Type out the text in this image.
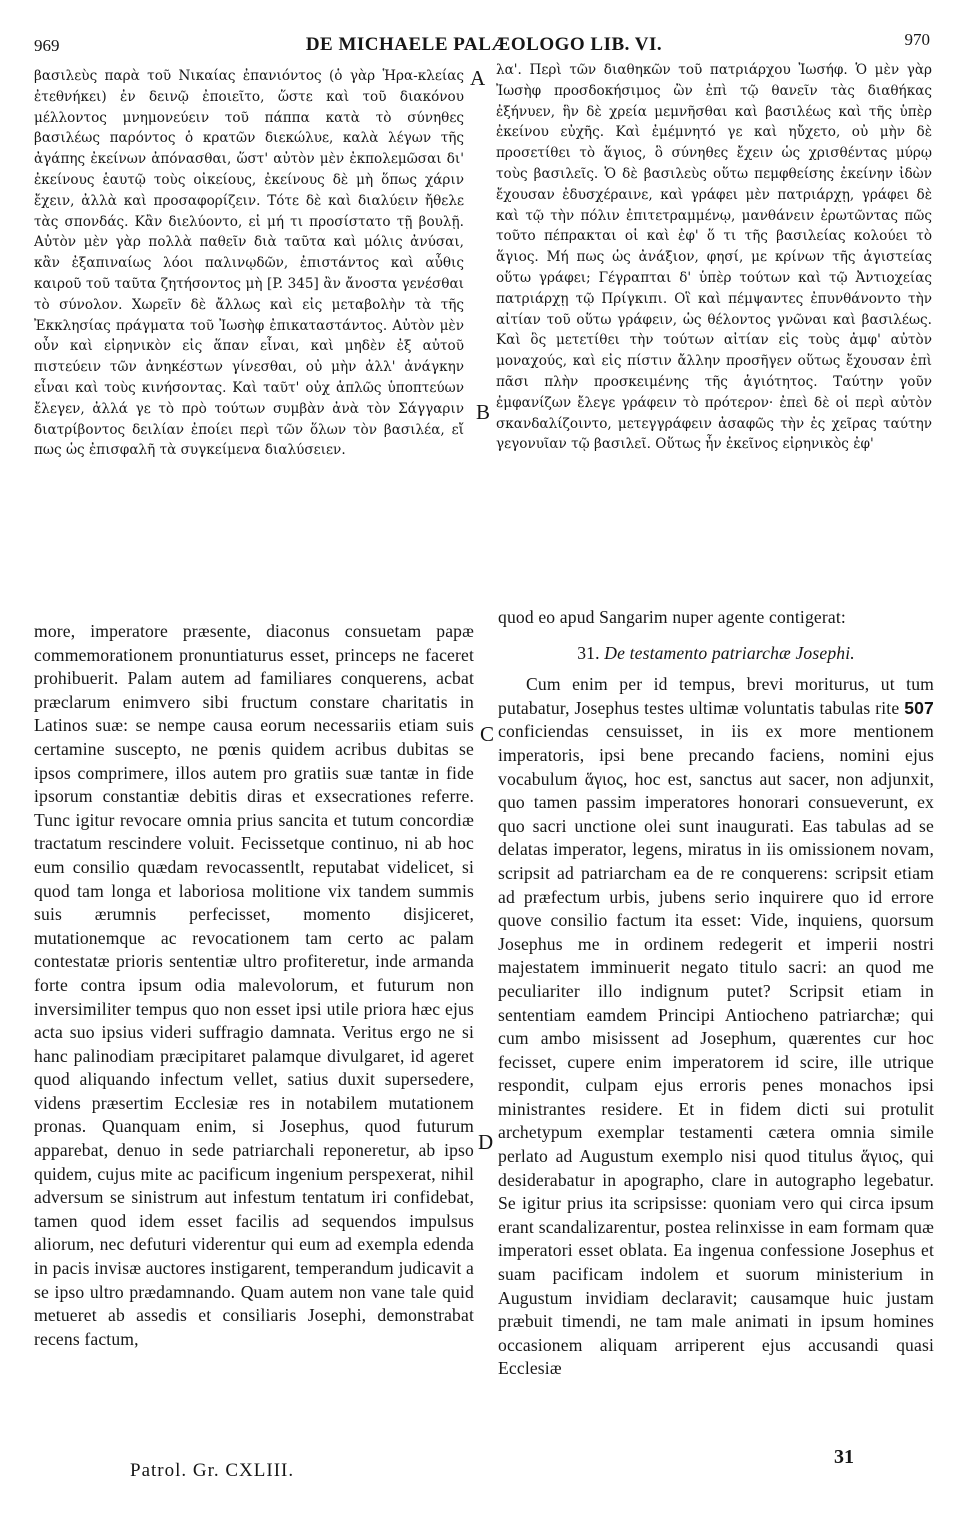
969	DE MICHAELE PALÆOLOGO LIB. VI.	970
A
B
C
D

βασιλεὺς παρὰ τοῦ Νικαίας ἐπανιόντος (ὁ γὰρ Ἡρα-κλείας ἐτεθνήκει) ἐν δεινῷ ἐποιεῖτο, ὥστε καὶ τοῦ διακόνου μέλλοντος μνημονεύειν τοῦ πάππα κατὰ τὸ σύνηθες βασιλέως παρόντος ὁ κρατῶν διεκώλυε, καλὰ λέγων τῆς ἀγάπης ἐκείνων ἀπόνασθαι, ὥστ' αὐτὸν μὲν ἐκπολεμῶσαι δι' ἐκείνους ἑαυτῷ τοὺς οἰκείους, ἐκείνους δὲ μὴ ὅπως χάριν ἔχειν, ἀλλὰ καὶ προσαφορίζειν. Τότε δὲ καὶ διαλύειν ἤθελε τὰς σπονδάς. Κἂν διελύοντο, εἰ μή τι προσίστατο τῇ βουλῇ. Αὐτὸν μὲν γὰρ πολλὰ παθεῖν διὰ ταῦτα καὶ μόλις ἀνύσαι, κἂν ἐξαπιναίως λόοι παλινῳδῶν, ἐπιστάντος καὶ αὖθις καιροῦ τοῦ ταῦτα ζητήσοντος μὴ [P. 345] ἂν ἄνοστα γενέσθαι τὸ σύνολον. Χωρεῖν δὲ ἄλλως καὶ εἰς μεταβολὴν τὰ τῆς Ἐκκλησίας πράγματα τοῦ Ἰωσὴφ ἐπικαταστάντος. Αὐτὸν μὲν οὖν καὶ εἰρηνικὸν εἰς ἅπαν εἶναι, καὶ μηδὲν ἐξ αὐτοῦ πιστεύειν τῶν ἀνηκέστων γίνεσθαι, οὐ μὴν ἀλλ' ἀνάγκην εἶναι καὶ τοὺς κινήσοντας. Καὶ ταῦτ' οὐχ ἁπλῶς ὑποπτεύων ἔλεγεν, ἀλλά γε τὸ πρὸ τούτων συμβὰν ἀνὰ τὸν Σάγγαριν διατρίβοντος δειλίαν ἐποίει περὶ τῶν ὅλων τὸν βασιλέα, εἴ πως ὡς ἐπισφαλῆ τὰ συγκείμενα διαλύσειεν.

λα'. Περὶ τῶν διαθηκῶν τοῦ πατριάρχου Ἰωσήφ. Ὁ μὲν γὰρ Ἰωσὴφ προσδοκήσιμος ὢν ἐπὶ τῷ θανεῖν τὰς διαθήκας ἐξήνυεν, ἣν δὲ χρεία μεμνῆσθαι καὶ βασιλέως καὶ τῆς ὑπὲρ ἐκείνου εὐχῆς. Καὶ ἐμέμνητό γε καὶ ηὔχετο, οὐ μὴν δὲ προσετίθει τὸ ἅγιος, ὃ σύνηθες ἔχειν ὡς χρισθέντας μύρῳ τοὺς βασιλεῖς. Ὁ δὲ βασιλεὺς οὕτω πεμφθείσης ἐκείνην ἰδὼν ἔχουσαν ἐδυσχέραινε, καὶ γράφει μὲν πατριάρχῃ, γράφει δὲ καὶ τῷ τὴν πόλιν ἐπιτετραμμένῳ, μανθάνειν ἐρωτῶντας πῶς τοῦτο πέπρακται οἱ καὶ ἐφ' ὅ τι τῆς βασιλείας κολούει τὸ ἅγιος. Μή πως ὡς ἀνάξιον, φησί, με κρίνων τῆς ἁγιστείας οὕτω γράφει; Γέγραπται δ' ὑπὲρ τούτων καὶ τῷ Ἀντιοχείας πατριάρχῃ τῷ Πρίγκιπι. Οἳ καὶ πέμψαντες ἐπυνθάνοντο τὴν αἰτίαν τοῦ οὕτω γράφειν, ὡς θέλοντος γνῶναι καὶ βασιλέως. Καὶ ὃς μετετίθει τὴν τούτων αἰτίαν εἰς τοὺς ἀμφ' αὐτὸν μοναχούς, καὶ εἰς πίστιν ἄλλην προσῆγεν οὕτως ἔχουσαν ἐπὶ πᾶσι πλὴν προσκειμένης τῆς ἁγιότητος. Ταύτην γοῦν ἐμφανίζων ἔλεγε γράφειν τὸ πρότερον· ἐπεὶ δὲ οἱ περὶ αὐτὸν σκανδαλίζοιντο, μετεγγράφειν ἀσαφῶς τὴν ἐς χεῖρας ταύτην γεγονυῖαν τῷ βασιλεῖ. Οὕτως ἦν ἐκεῖνος εἰρηνικὸς ἐφ'

more, imperatore præsente, diaconus consuetam papæ commemorationem pronuntiaturus esset, princeps ne faceret prohibuerit. Palam autem ad familiares conquerens, acbat præclarum enimvero sibi fructum constare charitatis in Latinos suæ: se nempe causa eorum necessariis etiam suis certamine suscepto, ne pœnis quidem acribus dubitas se ipsos comprimere, illos autem pro gratiis suæ tantæ in fide ipsorum constantiæ debitis diras et exsecrationes referre. Tunc igitur revocare omnia prius sancita et tutum concordiæ tractatum rescindere voluit. Fecissetque continuo, ni ab hoc eum consilio quædam revocassentlt, reputabat videlicet, si quod tam longa et laboriosa molitione vix tandem summis suis ærumnis perfecisset, momento disjiceret, mutationemque ac revocationem tam certo ac palam contestatæ prioris sententiæ ultro profiteretur, inde armanda forte contra ipsum odia malevolorum, et futurum non inversimiliter tempus quo non esset ipsi utile priora hæc ejus acta suo ipsius videri suffragio damnata. Veritus ergo ne si hanc palinodiam præcipitaret palamque divulgaret, id ageret quod aliquando infectum vellet, satius duxit supersedere, videns præsertim Ecclesiæ res in notabilem mutationem pronas. Quanquam enim, si Josephus, quod futurum apparebat, denuo in sede patriarchali reponeretur, ab ipso quidem, cujus mite ac pacificum ingenium perspexerat, nihil adversum se sinistrum aut infestum tentatum iri confidebat, tamen quod idem esset facilis ad sequendos impulsus aliorum, nec defuturi viderentur qui eum ad exempla edenda in pacis invisæ auctores instigarent, temperandum judicavit a se ipso ultro prædamnando. Quam autem non vane tale quid metueret ab assedis et consiliaris Josephi, demonstrabat recens factum,

quod eo apud Sangarim nuper agente contigerat:

31. De testamento patriarchæ Josephi.

Cum enim per id tempus, brevi moriturus, ut tum putabatur, Josephus testes ultimæ voluntatis tabulas rite 507 conficiendas censuisset, in iis ex more mentionem imperatoris, ipsi bene precando faciens, nomini ejus vocabulum ἅγιος, hoc est, sanctus aut sacer, non adjunxit, quo tamen passim imperatores honorari consueverunt, ex quo sacri unctione olei sunt inaugurati. Eas tabulas ad se delatas imperator, legens, miratus in iis omissionem novam, scripsit ad patriarcham ea de re conquerens: scripsit etiam ad præfectum urbis, jubens serio inquirere quo id errore quove consilio factum ita esset: Vide, inquiens, quorsum Josephus me in ordinem redegerit et imperii nostri majestatem imminuerit negato titulo sacri: an quod me peculiariter illo indignum putet? Scripsit etiam in sententiam eamdem Principi Antiocheno patriarchæ; qui cum ambo misissent ad Josephum, quærentes cur hoc fecisset, cupere enim imperatorem id scire, ille utrique respondit, culpam ejus erroris penes monachos ipsi ministrantes residere. Et in fidem dicti sui protulit archetypum exemplar testamenti cætera omnia simile perlato ad Augustum exemplo nisi quod titulus ἅγιος, qui desiderabatur in apographo, clare in autographo legebatur. Se igitur prius ita scripsisse: quoniam vero qui circa ipsum erant scandalizarentur, postea relinxisse in eam formam quæ imperatori esset oblata. Ea ingenua confessione Josephus et suam pacificam indolem et suorum ministerium in Augustum invidiam declaravit; causamque huic justam præbuit timendi, ne tam male animati in ipsum homines occasionem aliquam arriperent ejus accusandi quasi Ecclesiæ

Patrol. Gr. CXLIII.
31
